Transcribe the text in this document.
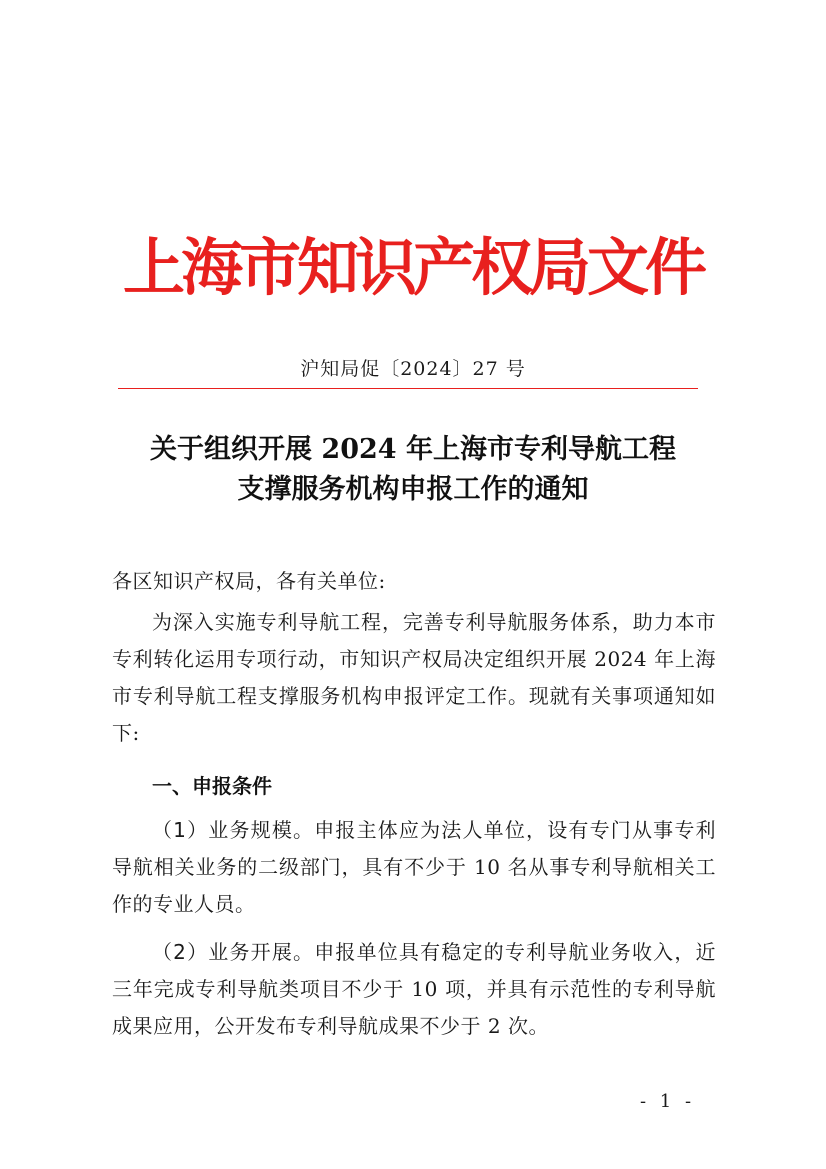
上海市知识产权局文件
沪知局促〔2024〕27 号
关于组织开展 2024 年上海市专利导航工程
支撑服务机构申报工作的通知
各区知识产权局，各有关单位:
为深入实施专利导航工程，完善专利导航服务体系，助力本市专利转化运用专项行动，市知识产权局决定组织开展 2024 年上海市专利导航工程支撑服务机构申报评定工作。现就有关事项通知如下:
一、申报条件
（1）业务规模。申报主体应为法人单位，设有专门从事专利导航相关业务的二级部门，具有不少于 10 名从事专利导航相关工作的专业人员。
（2）业务开展。申报单位具有稳定的专利导航业务收入，近三年完成专利导航类项目不少于 10 项，并具有示范性的专利导航成果应用，公开发布专利导航成果不少于 2 次。
- 1 -
